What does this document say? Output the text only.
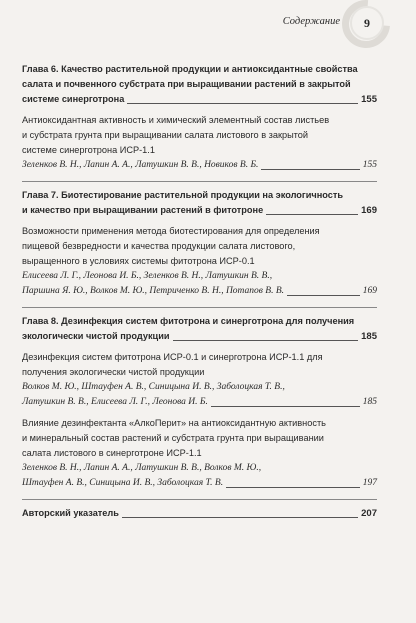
Содержание	9
Глава 6. Качество растительной продукции и антиоксидантные свойства
салата и почвенного субстрата при выращивании растений в закрытой
системе синерготрона	155
Антиоксидантная активность и химический элементный состав листьев
и субстрата грунта при выращивании салата листового в закрытой
системе синерготрона ИСР-1.1
Зеленков В. Н., Лапин А. А., Латушкин В. В., Новиков В. Б.	155
Глава 7. Биотестирование растительной продукции на экологичность
и качество при выращивании растений в фитотроне	169
Возможности применения метода биотестирования для определения
пищевой безвредности и качества продукции салата листового,
выращенного в условиях системы фитотрона ИСР-0.1
Елисеева Л. Г., Леонова И. Б., Зеленков В. Н., Латушкин В. В.,
Паршина Я. Ю., Волков М. Ю., Петриченко В. Н., Потапов В. В.	169
Глава 8. Дезинфекция систем фитотрона и синерготрона для получения
экологически чистой продукции	185
Дезинфекция систем фитотрона ИСР-0.1 и синерготрона ИСР-1.1 для
получения экологически чистой продукции
Волков М. Ю., Штауфен А. В., Синицына И. В., Заболоцкая Т. В.,
Латушкин В. В., Елисеева Л. Г., Леонова И. Б.	185
Влияние дезинфектанта «АлкоПерит» на антиоксидантную активность
и минеральный состав растений и субстрата грунта при выращивании
салата листового в синерготроне ИСР-1.1
Зеленков В. Н., Лапин А. А., Латушкин В. В., Волков М. Ю.,
Штауфен А. В., Синицына И. В., Заболоцкая Т. В.	197
Авторский указатель	207
